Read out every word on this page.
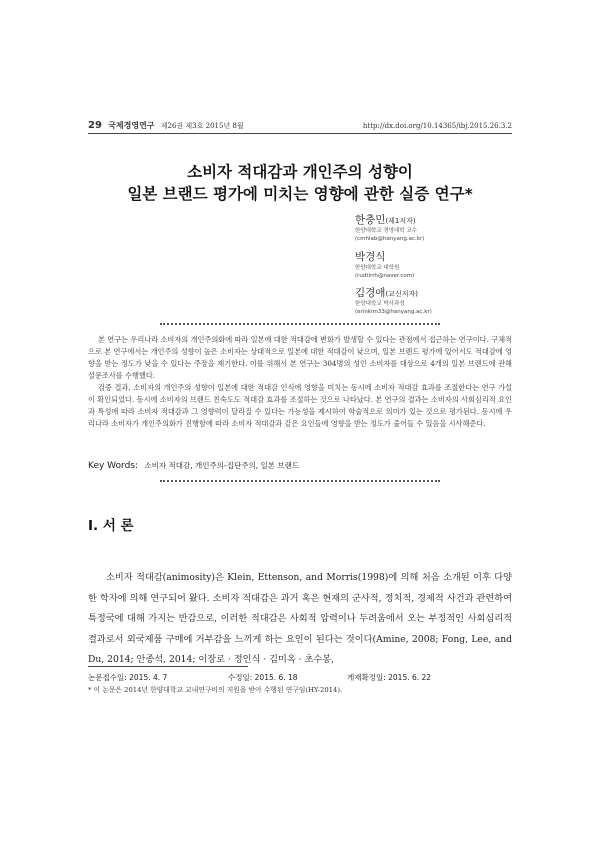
29 국제경영연구 제26권 제3호 2015년 8월	http://dx.doi.org/10.14365/ibj.2015.26.3.2
소비자 적대감과 개인주의 성향이
일본 브랜드 평가에 미치는 영향에 관한 실증 연구*
한충민(제1저자)
한양대학교 경영대학 교수
(cmhlab@hanyang.ac.kr)
박경식
한양대학교 대학원
(rudtlrrh@naver.com)
김경애(교신저자)
한양대학교 박사과정
(erinkim33@hanyang.ac.kr)

본 연구는 우리나라 소비자의 개인주의화에 따라 일본에 대한 적대감에 변화가 발생할 수 있다는 관점에서 접근하는 연구이다. 구체적으로 본 연구에서는 개인주의 성향이 높은 소비자는 상대적으로 일본에 대한 적대감이 낮으며, 일본 브랜드 평가에 있어서도 적대감에 영향을 받는 정도가 낮을 수 있다는 주장을 제기한다. 이를 위해서 본 연구는 304명의 성인 소비자를 대상으로 4개의 일본 브랜드에 관해 설문조사를 수행했다.

검증 결과, 소비자의 개인주의 성향이 일본에 대한 적대감 인식에 영향을 미치는 동시에 소비자 적대감 효과를 조절한다는 연구 가설이 확인되었다. 동시에 소비자의 브랜드 친숙도도 적대감 효과를 조절하는 것으로 나타났다. 본 연구의 결과는 소비자의 사회심리적 요인과 특성에 따라 소비자 적대감과 그 영향력이 달라질 수 있다는 가능성을 제시하여 학술적으로 의미가 있는 것으로 평가된다. 동시에 우리나라 소비자가 개인주의화가 진행함에 따라 소비자 적대감과 같은 요인들에 영향을 받는 정도가 줄어들 수 있음을 시사해준다.

Key Words: 소비자 적대감, 개인주의-집단주의, 일본 브랜드
Ⅰ. 서 론

소비자 적대감(animosity)은 Klein, Ettenson, and Morris(1998)에 의해 처음 소개된 이후 다양한 학자에 의해 연구되어 왔다. 소비자 적대감은 과거 혹은 현재의 군사적, 정치적, 경제적 사건과 관련하여 특정국에 대해 가지는 반감으로, 이러한 적대감은 사회적 압력이나 두려움에서 오는 부정적인 사회심리적 결과로서 외국제품 구매에 거부감을 느끼게 하는 요인이 된다는 것이다(Amine, 2008; Fong, Lee, and Du, 2014; 안종석, 2014; 이장로 · 정인식 · 김미옥 · 초수봉,

논문접수일: 2015. 4. 7	수정일: 2015. 6. 18	게재확정일: 2015. 6. 22
* 이 논문은 2014년 한양대학교 교내연구비의 지원을 받아 수행된 연구임(HY-2014).
